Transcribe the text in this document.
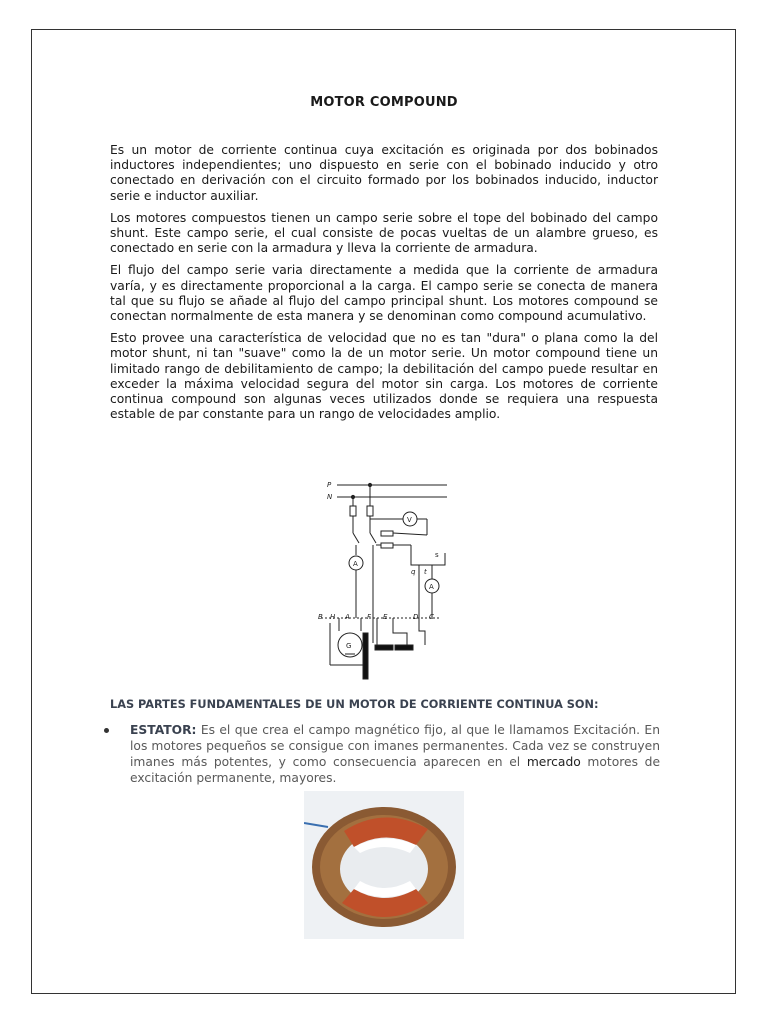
MOTOR COMPOUND

Es un motor de corriente continua cuya excitación es originada por dos bobinados inductores independientes; uno dispuesto en serie con el bobinado inducido y otro conectado en derivación con el circuito formado por los bobinados inducido, inductor serie e inductor auxiliar.

Los motores compuestos tienen un campo serie sobre el tope del bobinado del campo shunt. Este campo serie, el cual consiste de pocas vueltas de un alambre grueso, es conectado en serie con la armadura y lleva la corriente de armadura.

El flujo del campo serie varia directamente a medida que la corriente de armadura varía, y es directamente proporcional a la carga. El campo serie se conecta de manera tal que su flujo se añade al flujo del campo principal shunt. Los motores compound se conectan normalmente de esta manera y se denominan como compound acumulativo.

Esto provee una característica de velocidad que no es tan "dura" o plana como la del motor shunt, ni tan "suave" como la de un motor serie. Un motor compound tiene un limitado rango de debilitamiento de campo; la debilitación del campo puede resultar en exceder la máxima velocidad segura del motor sin carga. Los motores de corriente continua compound son algunas veces utilizados donde se requiera una respuesta estable de par constante para un rango de velocidades amplio.

P
N
V
A
s
q t
A
B H A F E	D C
G
LAS PARTES FUNDAMENTALES DE UN MOTOR DE CORRIENTE CONTINUA SON:
ESTATOR: Es el que crea el campo magnético fijo, al que le llamamos Excitación. En los motores pequeños se consigue con imanes permanentes. Cada vez se construyen imanes más potentes, y como consecuencia aparecen en el mercado motores de excitación permanente, mayores.
